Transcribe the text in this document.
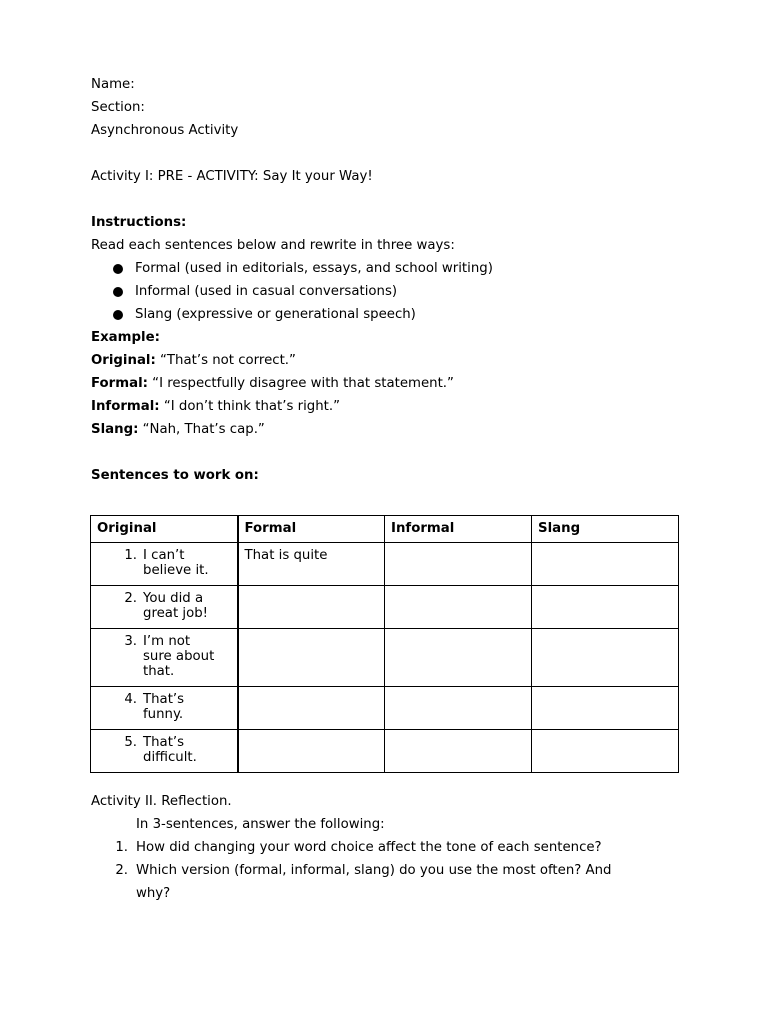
Name:
Section:
Asynchronous Activity
Activity I: PRE - ACTIVITY: Say It your Way!
Instructions:
Read each sentences below and rewrite in three ways:
Formal (used in editorials, essays, and school writing)
Informal (used in casual conversations)
Slang (expressive or generational speech)
Example:
Original: “That’s not correct.”
Formal: “I respectfully disagree with that statement.”
Informal: “I don’t think that’s right.”
Slang: “Nah, That’s cap.”
Sentences to work on:
Original	Formal	Informal	Slang

1. I can’t believe it.	That is quite		

2. You did a great job!			

3. I’m not sure about that.			

4. That’s funny.			

5. That’s difficult.			

Activity II. Reflection.
In 3-sentences, answer the following:
1. How did changing your word choice affect the tone of each sentence?
2. Which version (formal, informal, slang) do you use the most often? And
why?
